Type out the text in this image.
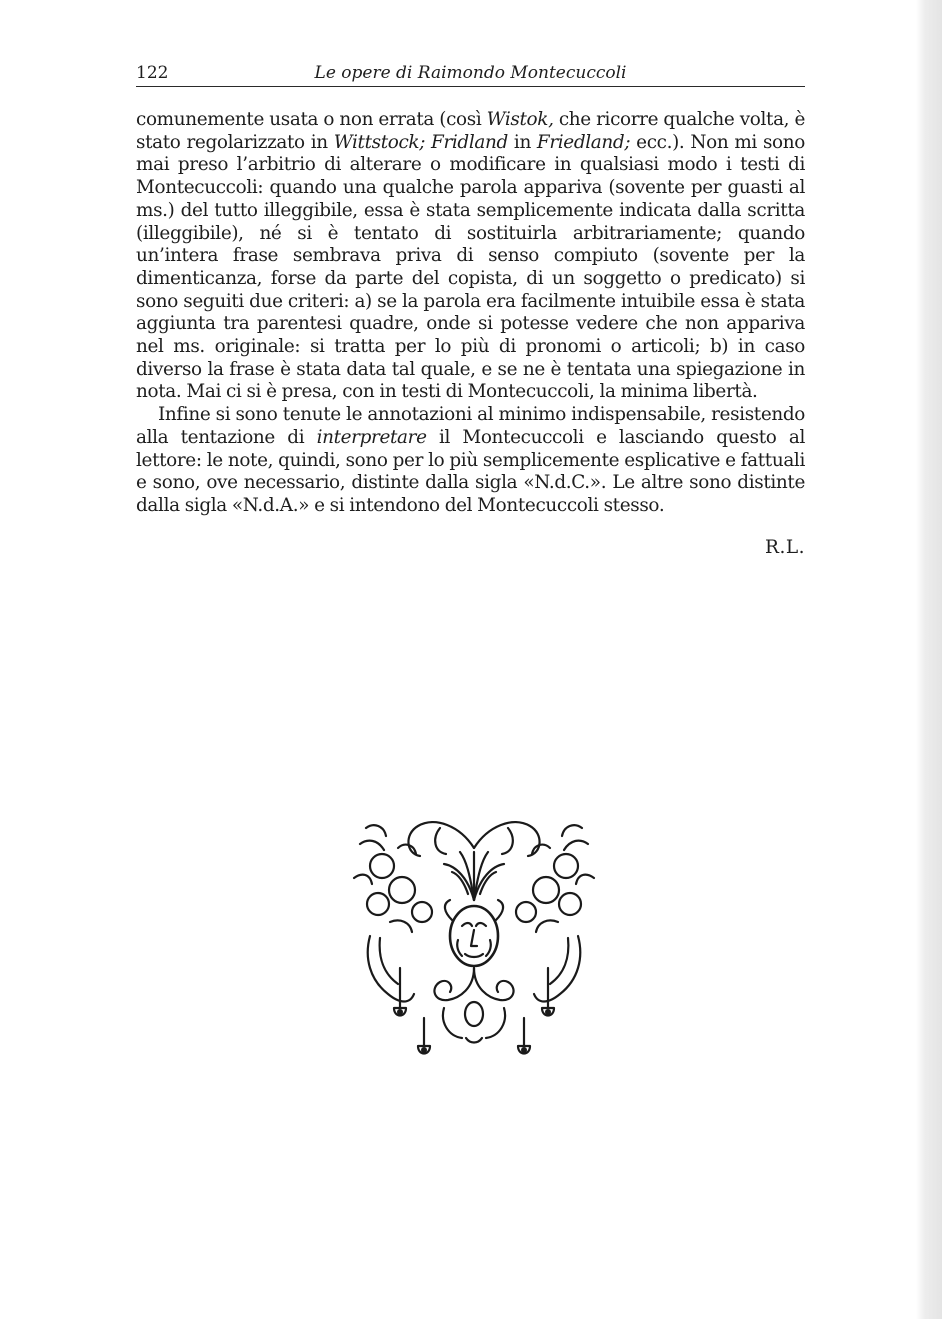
122	Le opere di Raimondo Montecuccoli

comunemente usata o non errata (così Wistok, che ricorre qualche volta, è stato regolarizzato in Wittstock; Fridland in Friedland; ecc.). Non mi sono mai preso l’arbitrio di alterare o modificare in qualsiasi modo i testi di Montecuccoli: quando una qualche parola appariva (sovente per guasti al ms.) del tutto illeggibile, essa è stata semplicemente indicata dalla scritta (illeggibile), né si è tentato di sostituirla arbitrariamente; quando un’intera frase sembrava priva di senso compiuto (sovente per la dimenticanza, forse da parte del copista, di un soggetto o predicato) si sono seguiti due criteri: a) se la parola era facilmente intuibile essa è stata aggiunta tra parentesi quadre, onde si potesse vedere che non appariva nel ms. originale: si tratta per lo più di pronomi o articoli; b) in caso diverso la frase è stata data tal quale, e se ne è tentata una spiegazione in nota. Mai ci si è presa, con in testi di Montecuccoli, la minima libertà.

Infine si sono tenute le annotazioni al minimo indispensabile, resistendo alla tentazione di interpretare il Montecuccoli e lasciando questo al lettore: le note, quindi, sono per lo più semplicemente esplicative e fattuali e sono, ove necessario, distinte dalla sigla «N.d.C.». Le altre sono distinte dalla sigla «N.d.A.» e si intendono del Montecuccoli stesso.

R.L.
